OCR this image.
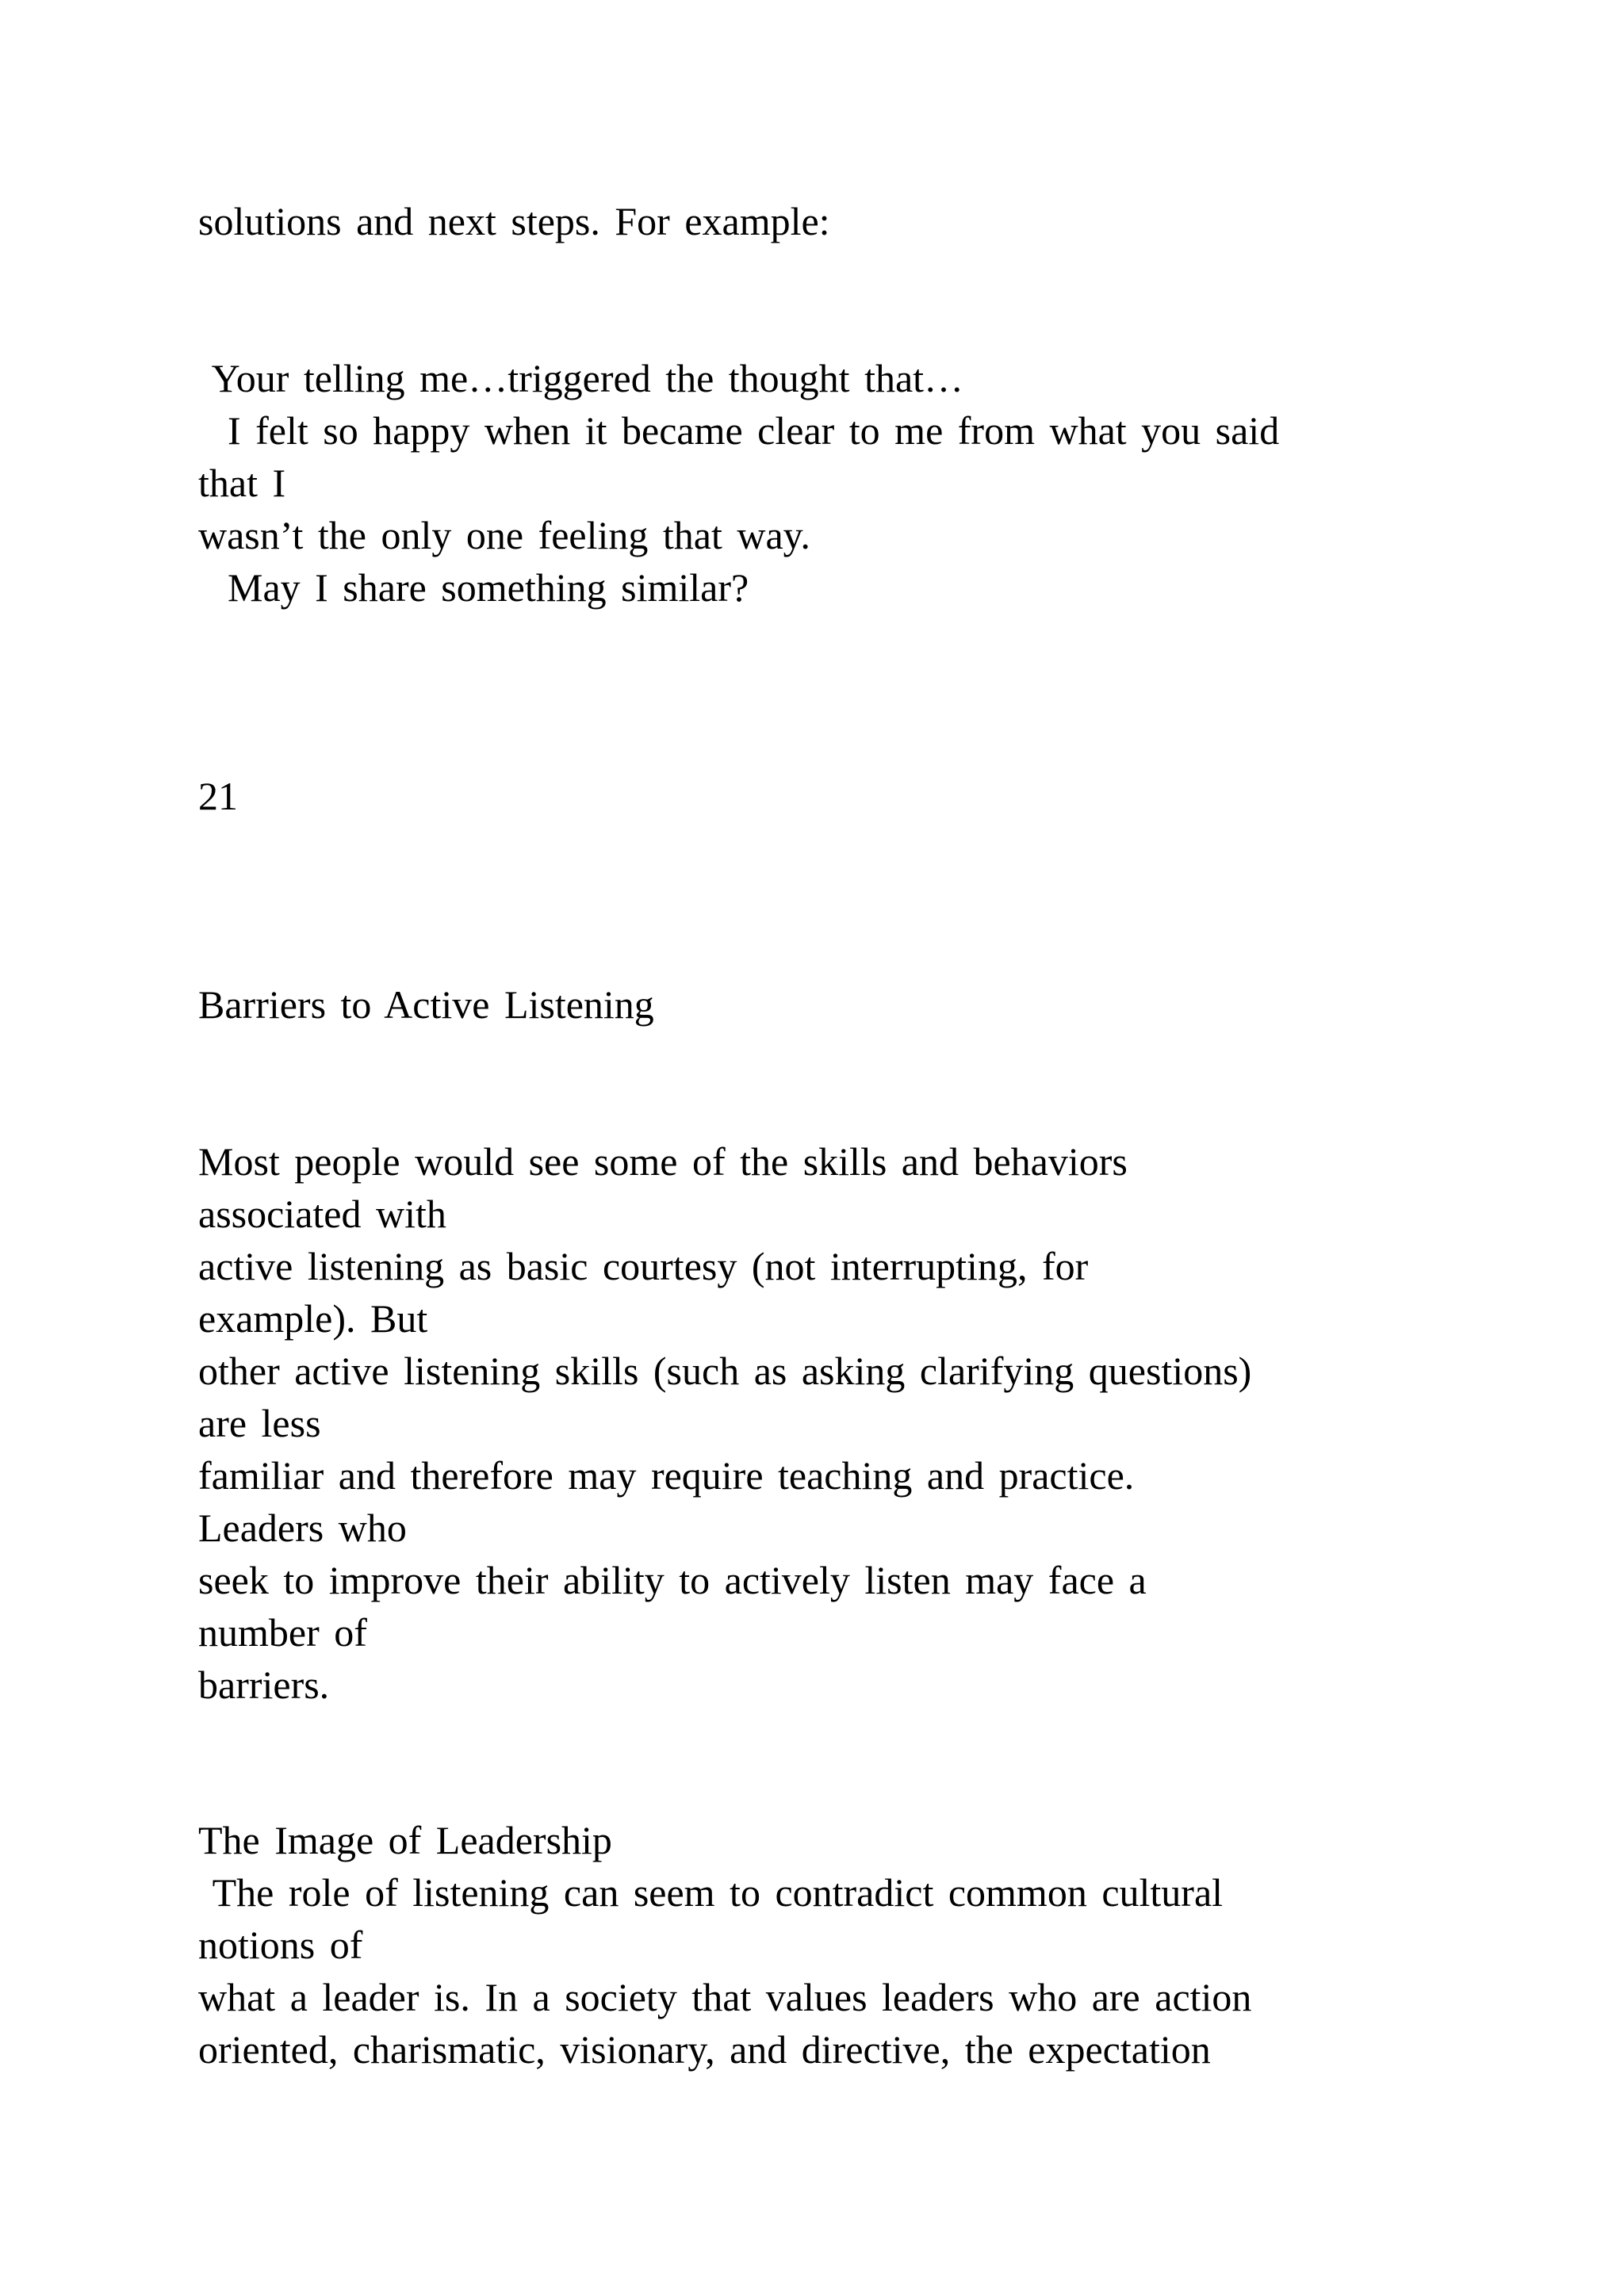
solutions and next steps. For example:

Your telling me…triggered the thought that…

I felt so happy when it became clear to me from what you said

that I

wasn’t the only one feeling that way.

May I share something similar?

21

Barriers to Active Listening

Most people would see some of the skills and behaviors

associated with

active listening as basic courtesy (not interrupting, for

example). But

other active listening skills (such as asking clarifying questions)

are less

familiar and therefore may require teaching and practice.

Leaders who

seek to improve their ability to actively listen may face a

number of

barriers.

The Image of Leadership

The role of listening can seem to contradict common cultural

notions of

what a leader is. In a society that values leaders who are action

oriented, charismatic, visionary, and directive, the expectation
